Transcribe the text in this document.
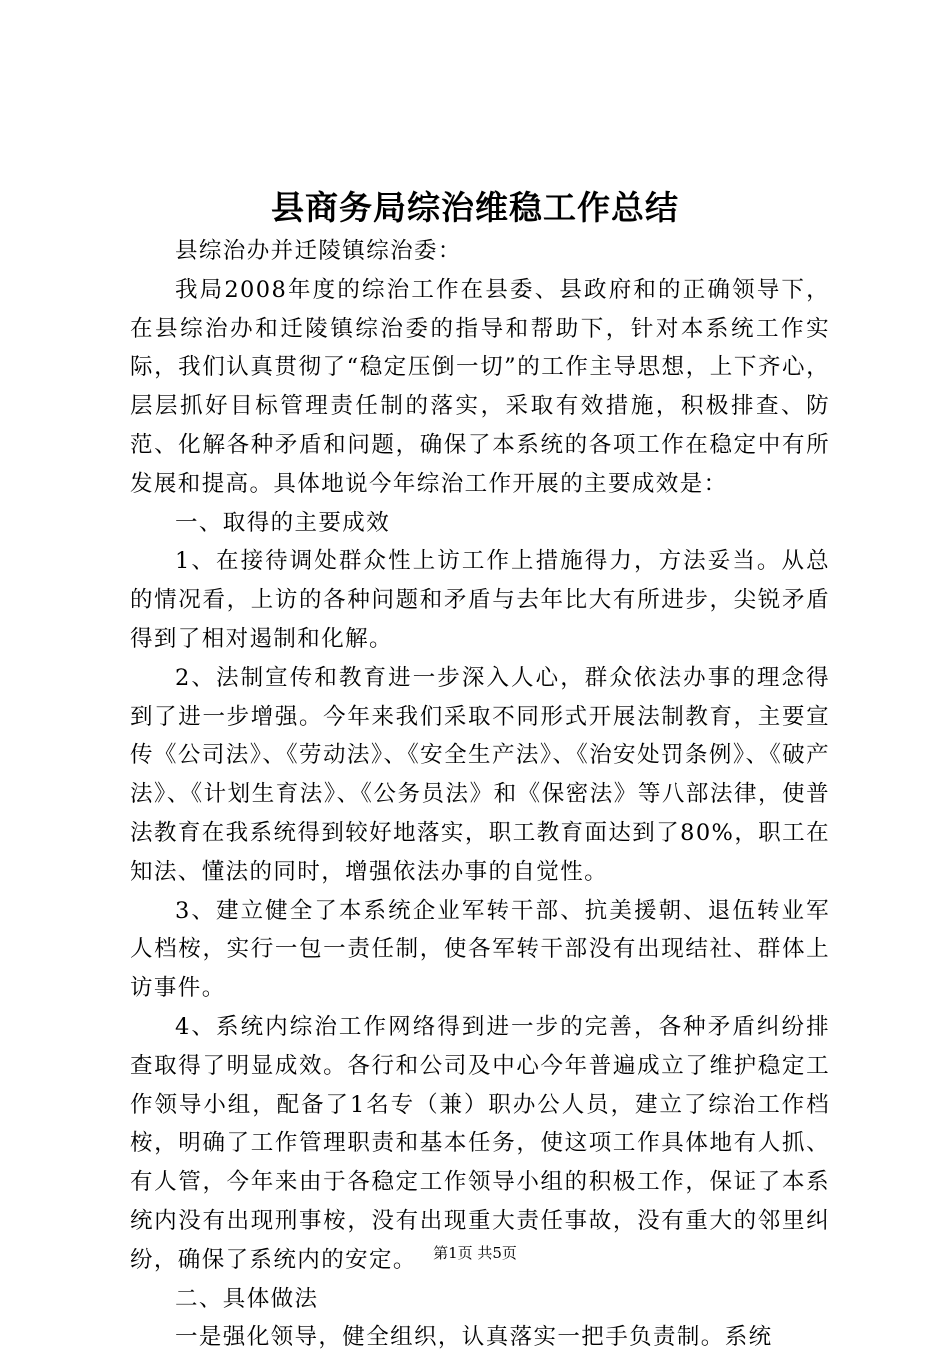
县商务局综治维稳工作总结

县综治办并迁陵镇综治委：

我局2008年度的综治工作在县委、县政府和的正确领导下，在县综治办和迁陵镇综治委的指导和帮助下，针对本系统工作实际，我们认真贯彻了“稳定压倒一切”的工作主导思想，上下齐心，层层抓好目标管理责任制的落实，采取有效措施，积极排查、防范、化解各种矛盾和问题，确保了本系统的各项工作在稳定中有所发展和提高。具体地说今年综治工作开展的主要成效是：

一、取得的主要成效

1、在接待调处群众性上访工作上措施得力，方法妥当。从总的情况看，上访的各种问题和矛盾与去年比大有所进步，尖锐矛盾得到了相对遏制和化解。

2、法制宣传和教育进一步深入人心，群众依法办事的理念得到了进一步增强。今年来我们采取不同形式开展法制教育，主要宣传《公司法》、《劳动法》、《安全生产法》、《治安处罚条例》、《破产法》、《计划生育法》、《公务员法》和《保密法》等八部法律，使普法教育在我系统得到较好地落实，职工教育面达到了80%，职工在知法、懂法的同时，增强依法办事的自觉性。

3、建立健全了本系统企业军转干部、抗美援朝、退伍转业军人档桉，实行一包一责任制，使各军转干部没有出现结社、群体上访事件。

4、系统内综治工作网络得到进一步的完善，各种矛盾纠纷排查取得了明显成效。各行和公司及中心今年普遍成立了维护稳定工作领导小组，配备了1名专（兼）职办公人员，建立了综治工作档桉，明确了工作管理职责和基本任务，使这项工作具体地有人抓、有人管，今年来由于各稳定工作领导小组的积极工作，保证了本系统内没有出现刑事桉，没有出现重大责任事故，没有重大的邻里纠纷，确保了系统内的安定。

二、具体做法

一是强化领导，健全组织，认真落实一把手负责制。系统

第1页 共5页
